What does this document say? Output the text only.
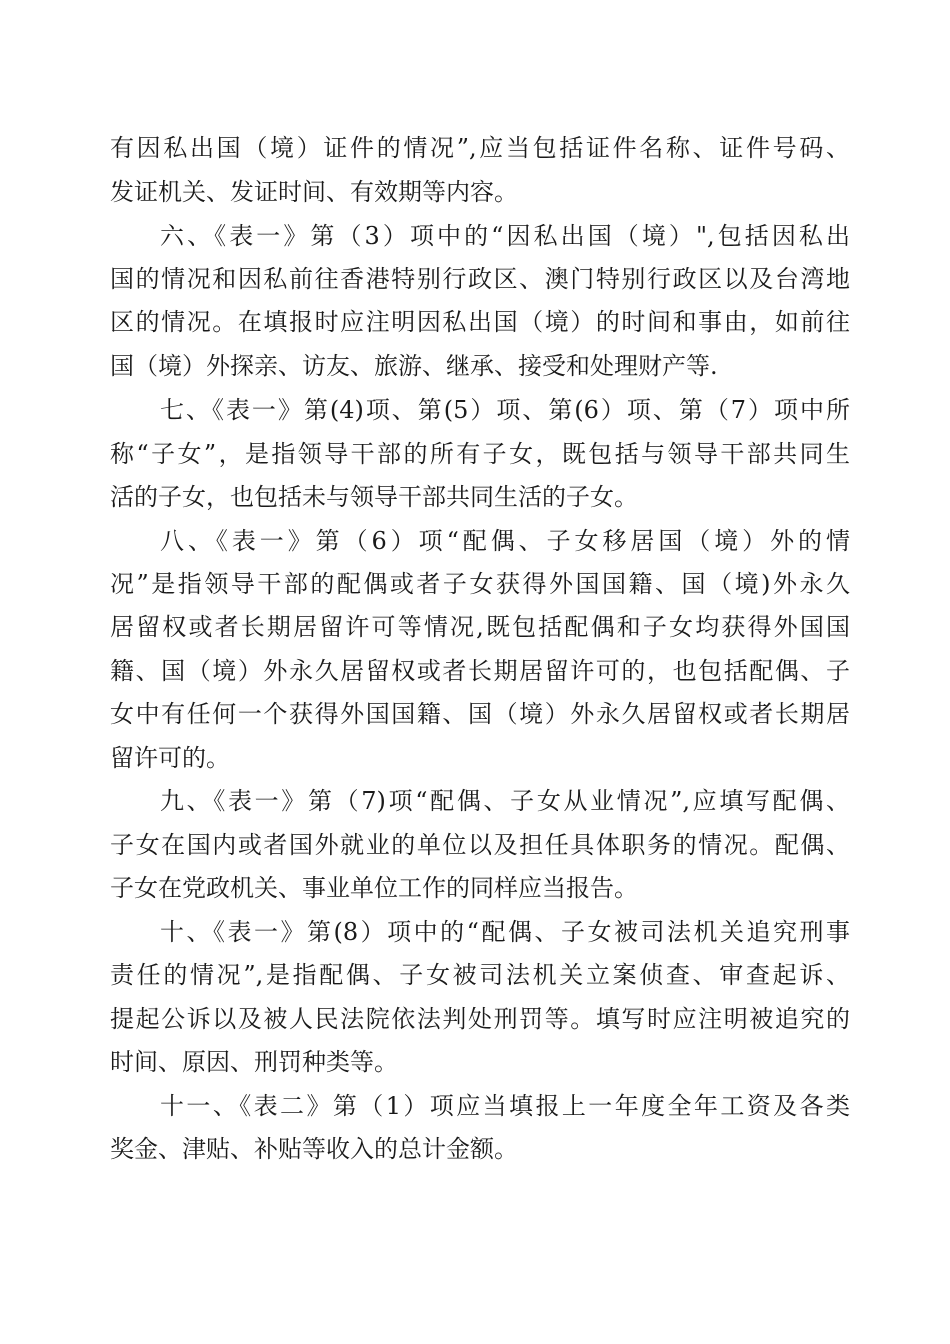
有因私出国（境）证件的情况”,应当包括证件名称、证件号码、
发证机关、发证时间、有效期等内容。
六、《表一》第（3）项中的“因私出国（境）",包括因私出
国的情况和因私前往香港特别行政区、澳门特别行政区以及台湾地
区的情况。在填报时应注明因私出国（境）的时间和事由，如前往
国（境）外探亲、访友、旅游、继承、接受和处理财产等.
七、《表一》第(4)项、第(5）项、第(6）项、第（7）项中所
称“子女”，是指领导干部的所有子女，既包括与领导干部共同生
活的子女，也包括未与领导干部共同生活的子女。
八、《表一》第（6）项“配偶、子女移居国（境）外的情
况”是指领导干部的配偶或者子女获得外国国籍、国（境)外永久
居留权或者长期居留许可等情况,既包括配偶和子女均获得外国国
籍、国（境）外永久居留权或者长期居留许可的，也包括配偶、子
女中有任何一个获得外国国籍、国（境）外永久居留权或者长期居
留许可的。
九、《表一》第（7)项“配偶、子女从业情况”,应填写配偶、
子女在国内或者国外就业的单位以及担任具体职务的情况。配偶、
子女在党政机关、事业单位工作的同样应当报告。
十、《表一》第(8）项中的“配偶、子女被司法机关追究刑事
责任的情况”,是指配偶、子女被司法机关立案侦查、审查起诉、
提起公诉以及被人民法院依法判处刑罚等。填写时应注明被追究的
时间、原因、刑罚种类等。
十一、《表二》第（1）项应当填报上一年度全年工资及各类
奖金、津贴、补贴等收入的总计金额。
